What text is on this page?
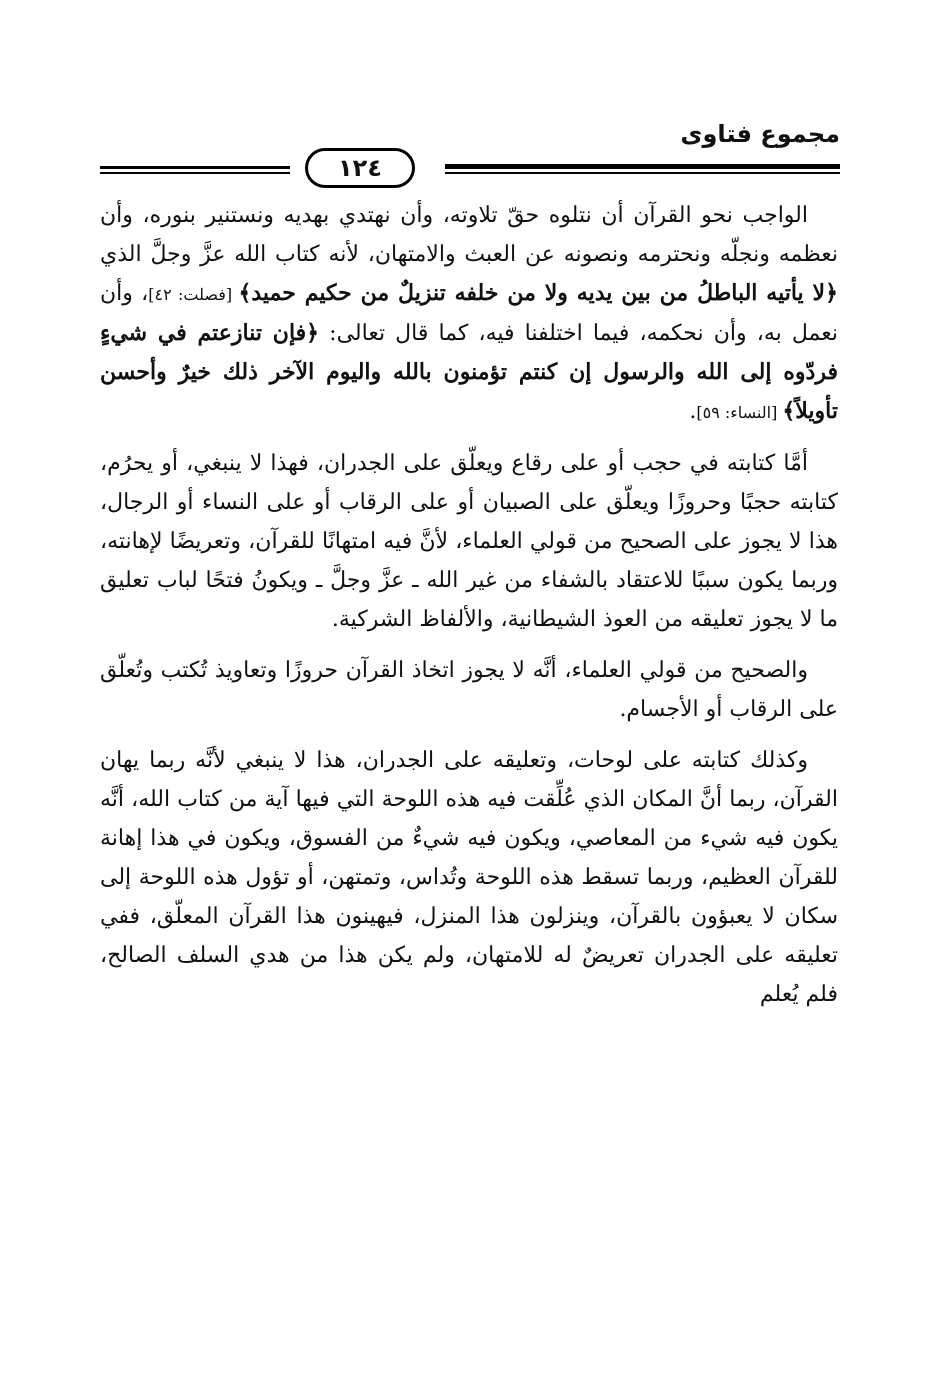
مجموع فتاوى
١٢٤

الواجب نحو القرآن أن نتلوه حقّ تلاوته، وأن نهتدي بهديه ونستنير بنوره، وأن نعظمه ونجلّه ونحترمه ونصونه عن العبث والامتهان، لأنه كتاب الله عزَّ وجلَّ الذي ﴿لا يأتيه الباطلُ من بين يديه ولا من خلفه تنزيلٌ من حكيم حميد﴾ [فصلت: ٤٢]، وأن نعمل به، وأن نحكمه، فيما اختلفنا فيه، كما قال تعالى: ﴿فإن تنازعتم في شيءٍ فردّوه إلى الله والرسول إن كنتم تؤمنون بالله واليوم الآخر ذلك خيرٌ وأحسن تأويلاً﴾ [النساء: ٥٩].

أمَّا كتابته في حجب أو على رقاع ويعلّق على الجدران، فهذا لا ينبغي، أو يحرُم، كتابته حجبًا وحروزًا ويعلّق على الصبيان أو على الرقاب أو على النساء أو الرجال، هذا لا يجوز على الصحيح من قولي العلماء، لأنَّ فيه امتهانًا للقرآن، وتعريضًا لإهانته، وربما يكون سببًا للاعتقاد بالشفاء من غير الله ـ عزَّ وجلَّ ـ ويكونُ فتحًا لباب تعليق ما لا يجوز تعليقه من العوذ الشيطانية، والألفاظ الشركية.

والصحيح من قولي العلماء، أنَّه لا يجوز اتخاذ القرآن حروزًا وتعاويذ تُكتب وتُعلّق على الرقاب أو الأجسام.

وكذلك كتابته على لوحات، وتعليقه على الجدران، هذا لا ينبغي لأنَّه ربما يهان القرآن، ربما أنَّ المكان الذي عُلِّقت فيه هذه اللوحة التي فيها آية من كتاب الله، أنَّه يكون فيه شيء من المعاصي، ويكون فيه شيءٌ من الفسوق، ويكون في هذا إهانة للقرآن العظيم، وربما تسقط هذه اللوحة وتُداس، وتمتهن، أو تؤول هذه اللوحة إلى سكان لا يعبؤون بالقرآن، وينزلون هذا المنزل، فيهينون هذا القرآن المعلّق، ففي تعليقه على الجدران تعريضٌ له للامتهان، ولم يكن هذا من هدي السلف الصالح، فلم يُعلم
